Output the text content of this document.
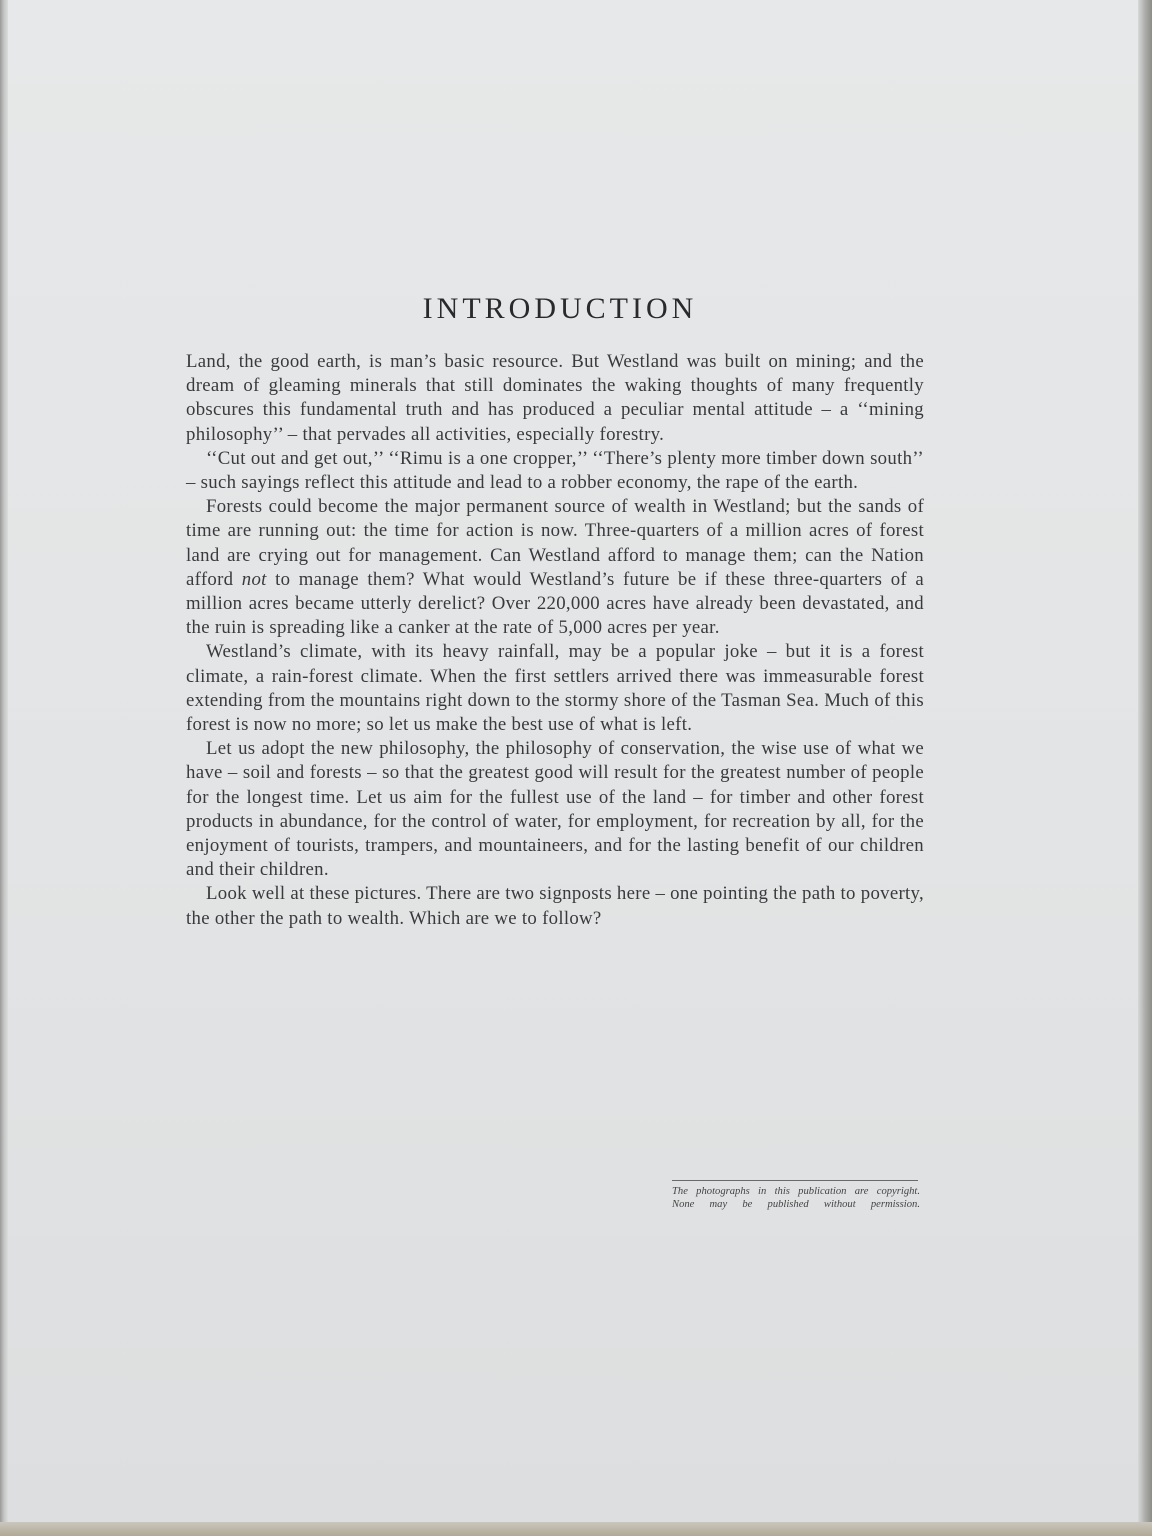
INTRODUCTION

Land, the good earth, is man’s basic resource. But Westland was built on mining; and the dream of gleaming minerals that still dominates the waking thoughts of many frequently obscures this fundamental truth and has produced a peculiar mental attitude – a ‘‘mining philosophy’’ – that pervades all activities, especially forestry.

‘‘Cut out and get out,’’ ‘‘Rimu is a one cropper,’’ ‘‘There’s plenty more timber down south’’ – such sayings reflect this attitude and lead to a robber economy, the rape of the earth.

Forests could become the major permanent source of wealth in Westland; but the sands of time are running out: the time for action is now. Three-quarters of a million acres of forest land are crying out for management. Can Westland afford to manage them; can the Nation afford not to manage them? What would Westland’s future be if these three-quarters of a million acres became utterly derelict? Over 220,000 acres have already been devastated, and the ruin is spreading like a canker at the rate of 5,000 acres per year.

Westland’s climate, with its heavy rainfall, may be a popular joke – but it is a forest climate, a rain-forest climate. When the first settlers arrived there was immeasurable forest extending from the mountains right down to the stormy shore of the Tasman Sea. Much of this forest is now no more; so let us make the best use of what is left.

Let us adopt the new philosophy, the philosophy of conservation, the wise use of what we have – soil and forests – so that the greatest good will result for the greatest number of people for the longest time. Let us aim for the fullest use of the land – for timber and other forest products in abundance, for the control of water, for employment, for recreation by all, for the enjoyment of tourists, trampers, and mountaineers, and for the lasting benefit of our children and their children.

Look well at these pictures. There are two signposts here – one pointing the path to poverty, the other the path to wealth. Which are we to follow?

The photographs in this publication are copyright.

None may be published without permission.
